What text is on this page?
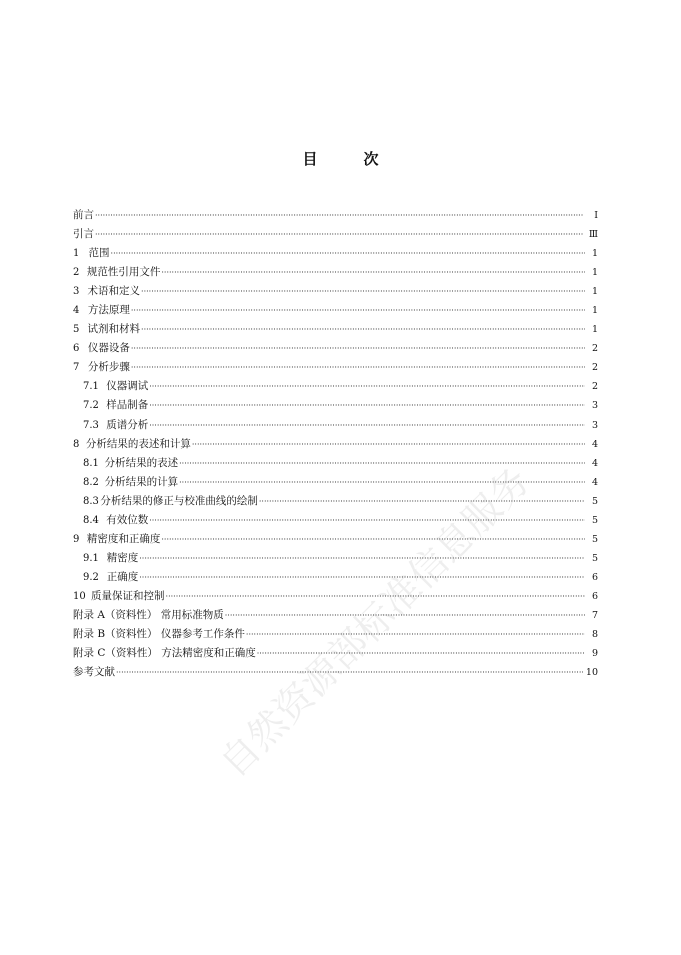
目	次
前言 ·····	Ⅰ
引言 ·····	Ⅲ
1 范围 ·····	1
2 规范性引用文件 ·····	1
3 术语和定义 ·····	1
4 方法原理 ·····	1
5 试剂和材料 ·····	1
6 仪器设备 ·····	2
7 分析步骤 ·····	2
7.1 仪器调试 ·····	2
7.2 样品制备 ·····	3
7.3 质谱分析 ·····	3
8 分析结果的表述和计算 ·····	4
8.1 分析结果的表述 ·····	4
8.2 分析结果的计算 ·····	4
8.3 分析结果的修正与校准曲线的绘制 ·····	5
8.4 有效位数 ·····	5
9 精密度和正确度 ·····	5
9.1 精密度 ·····	5
9.2 正确度 ·····	6
10 质量保证和控制 ·····	6
附录 A（资料性） 常用标准物质 ·····	7
附录 B（资料性） 仪器参考工作条件 ·····	8
附录 C（资料性） 方法精密度和正确度 ·····	9
参考文献 ·····	10
自然资源部标准信息服务
